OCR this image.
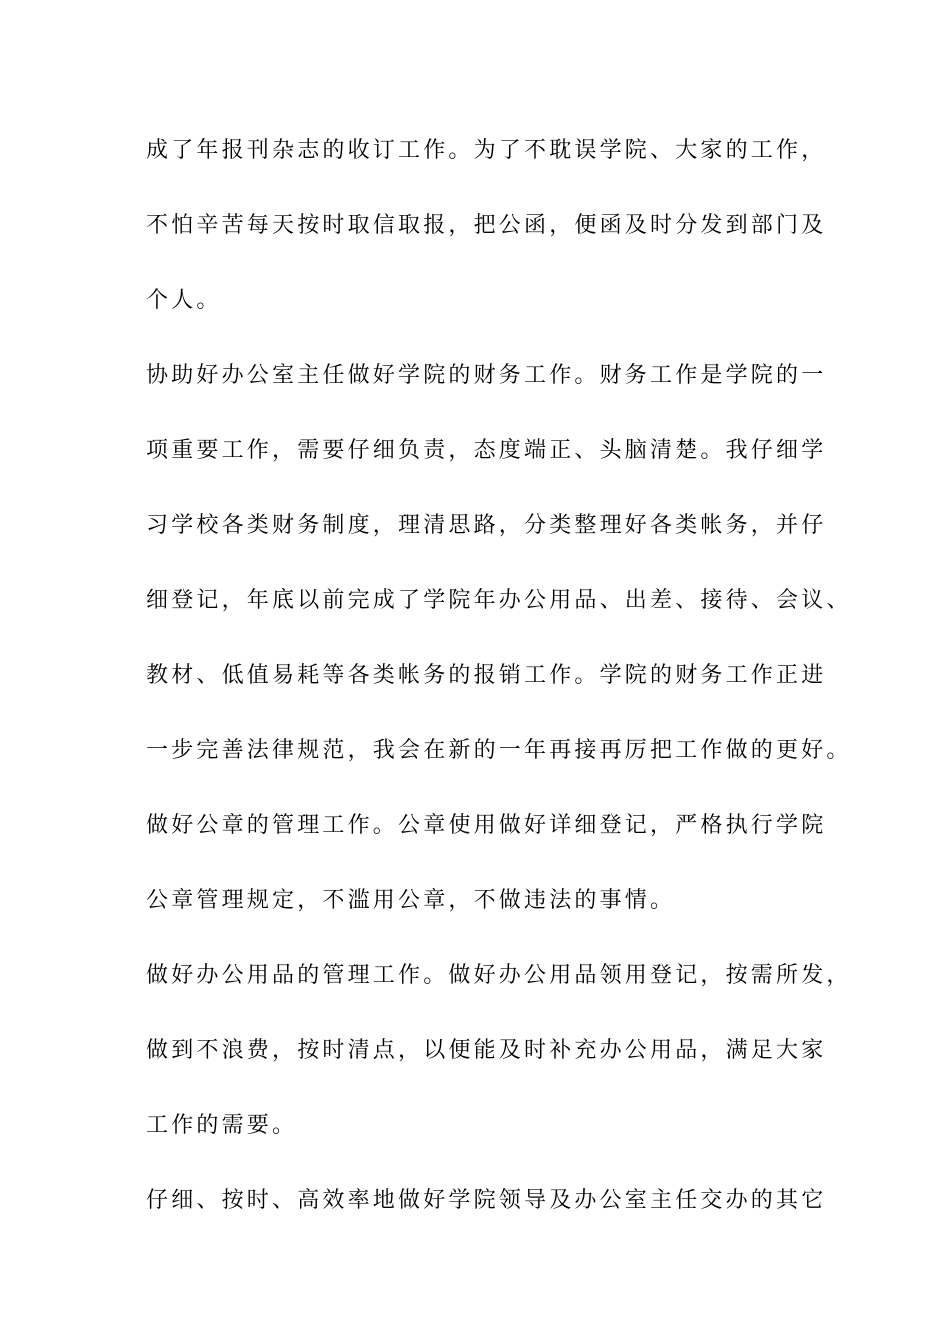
成了年报刊杂志的收订工作。为了不耽误学院、大家的工作，
不怕辛苦每天按时取信取报，把公函，便函及时分发到部门及
个人。
协助好办公室主任做好学院的财务工作。财务工作是学院的一
项重要工作，需要仔细负责，态度端正、头脑清楚。我仔细学
习学校各类财务制度，理清思路，分类整理好各类帐务，并仔
细登记，年底以前完成了学院年办公用品、出差、接待、会议、
教材、低值易耗等各类帐务的报销工作。学院的财务工作正进
一步完善法律规范，我会在新的一年再接再厉把工作做的更好。
做好公章的管理工作。公章使用做好详细登记，严格执行学院
公章管理规定，不滥用公章，不做违法的事情。
做好办公用品的管理工作。做好办公用品领用登记，按需所发，
做到不浪费，按时清点，以便能及时补充办公用品，满足大家
工作的需要。
仔细、按时、高效率地做好学院领导及办公室主任交办的其它
